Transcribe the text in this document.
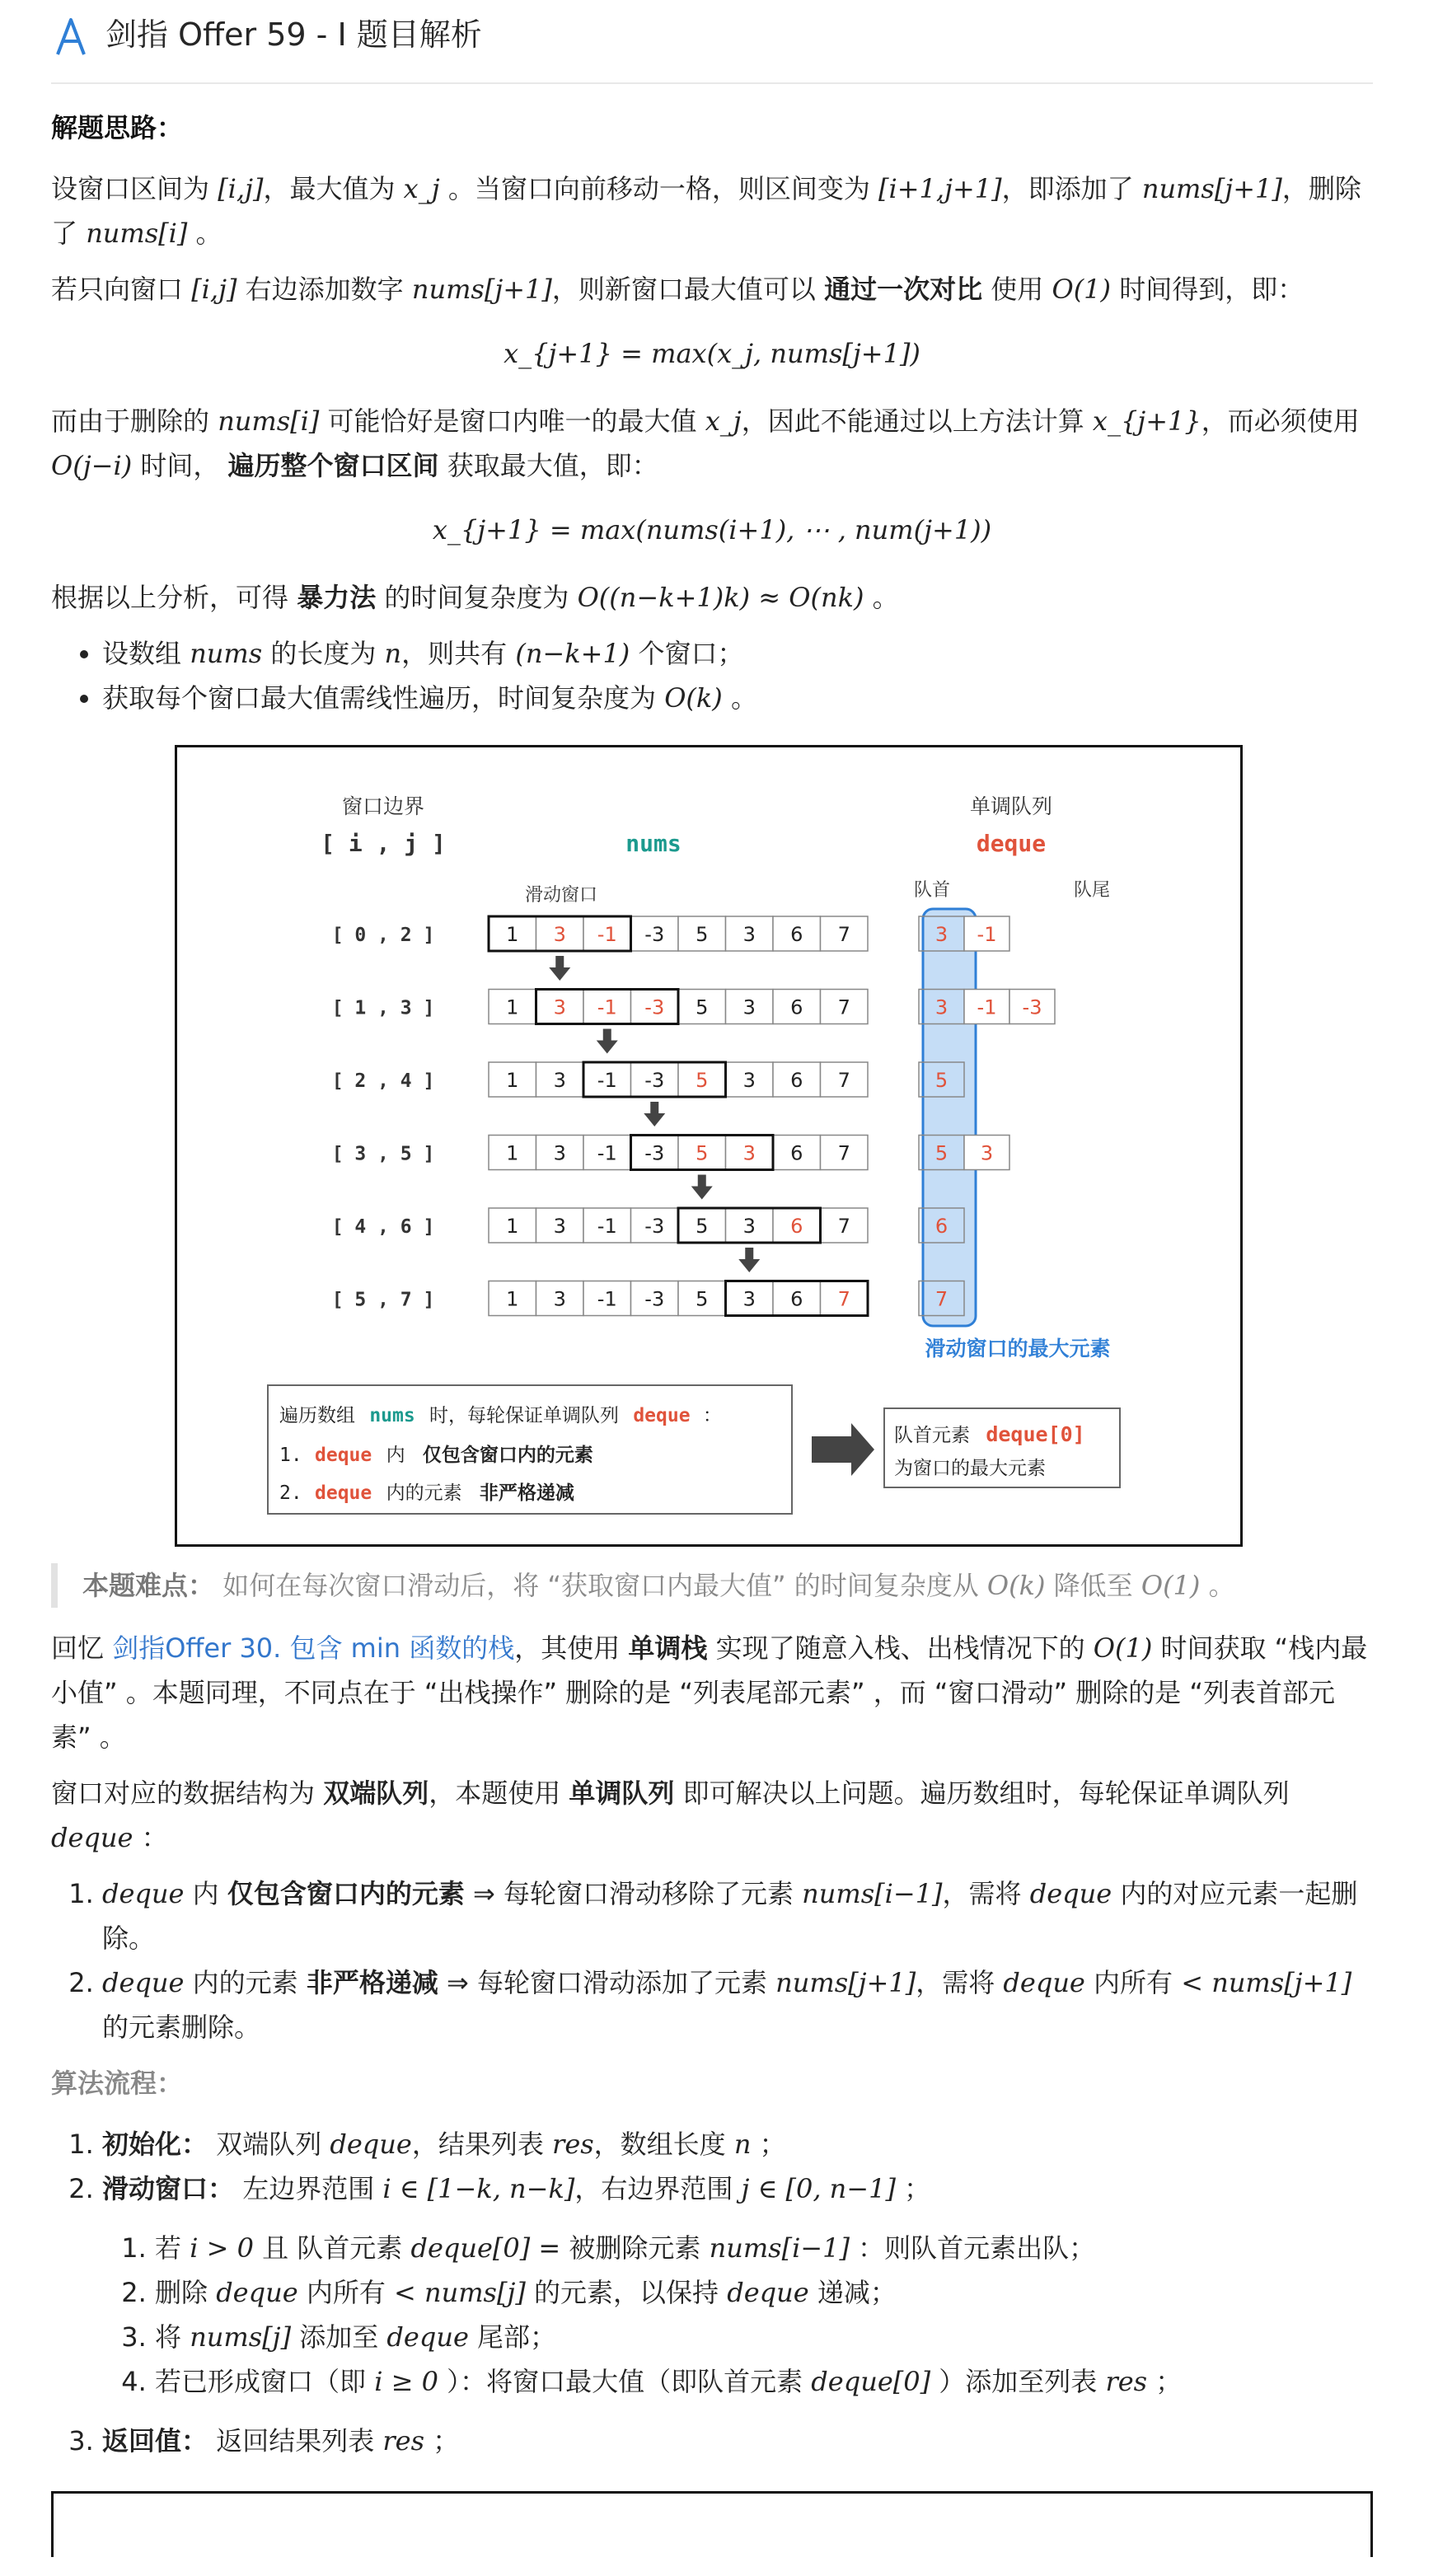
剑指 Offer 59 - I 题目解析

解题思路：

设窗口区间为 [i,j]，最大值为 x_j 。当窗口向前移动一格，则区间变为 [i+1,j+1]，即添加了 nums[j+1]，删除了 nums[i] 。

若只向窗口 [i,j] 右边添加数字 nums[j+1]，则新窗口最大值可以 通过一次对比 使用 O(1) 时间得到，即：

x_{j+1} = max(x_j, nums[j+1])

而由于删除的 nums[i] 可能恰好是窗口内唯一的最大值 x_j，因此不能通过以上方法计算 x_{j+1}，而必须使用 O(j−i) 时间， 遍历整个窗口区间 获取最大值，即：

x_{j+1} = max(nums(i+1), ⋯ , num(j+1))

根据以上分析，可得 暴力法 的时间复杂度为 O((n−k+1)k) ≈ O(nk) 。

• 设数组 nums 的长度为 n，则共有 (n−k+1) 个窗口；
• 获取每个窗口最大值需线性遍历，时间复杂度为 O(k) 。
窗口边界
[ i , j ]	nums
单调队列
deque
滑动窗口	队首	队尾
[ 0 , 2 ]	1 3 -1 -3 5 3 6 7	3 -1
[ 1 , 3 ]	1 3 -1 -3 5 3 6 7	3 -1 -3
[ 2 , 4 ]	1 3 -1 -3 5 3 6 7	5
[ 3 , 5 ]	1 3 -1 -3 5 3 6 7	5 3
[ 4 , 6 ]	1 3 -1 -3 5 3 6 7	6
[ 5 , 7 ]	1 3 -1 -3 5 3 6 7	7
滑动窗口的最大元素
遍历数组 nums 时，每轮保证单调队列 deque ：
1. deque 内 仅包含窗口内的元素
2. deque 内的元素 非严格递减
队首元素 deque[0]
为窗口的最大元素
本题难点： 如何在每次窗口滑动后，将 “获取窗口内最大值” 的时间复杂度从 O(k) 降低至 O(1) 。

回忆 剑指Offer 30. 包含 min 函数的栈，其使用 单调栈 实现了随意入栈、出栈情况下的 O(1) 时间获取 “栈内最小值” 。本题同理，不同点在于 “出栈操作” 删除的是 “列表尾部元素” ，而 “窗口滑动” 删除的是 “列表首部元素” 。

窗口对应的数据结构为 双端队列，本题使用 单调队列 即可解决以上问题。遍历数组时，每轮保证单调队列 deque ：

1. deque 内 仅包含窗口内的元素 ⇒ 每轮窗口滑动移除了元素 nums[i−1]，需将 deque 内的对应元素一起删除。
2. deque 内的元素 非严格递减 ⇒ 每轮窗口滑动添加了元素 nums[j+1]，需将 deque 内所有 < nums[j+1] 的元素删除。

算法流程：

1. 初始化： 双端队列 deque，结果列表 res，数组长度 n ；
2. 滑动窗口： 左边界范围 i ∈ [1−k, n−k]，右边界范围 j ∈ [0, n−1] ；
1. 若 i > 0 且 队首元素 deque[0] = 被删除元素 nums[i−1] ：则队首元素出队；
2. 删除 deque 内所有 < nums[j] 的元素，以保持 deque 递减；
3. 将 nums[j] 添加至 deque 尾部；
4. 若已形成窗口（即 i ≥ 0 ）：将窗口最大值（即队首元素 deque[0] ）添加至列表 res ；
3. 返回值： 返回结果列表 res ；
